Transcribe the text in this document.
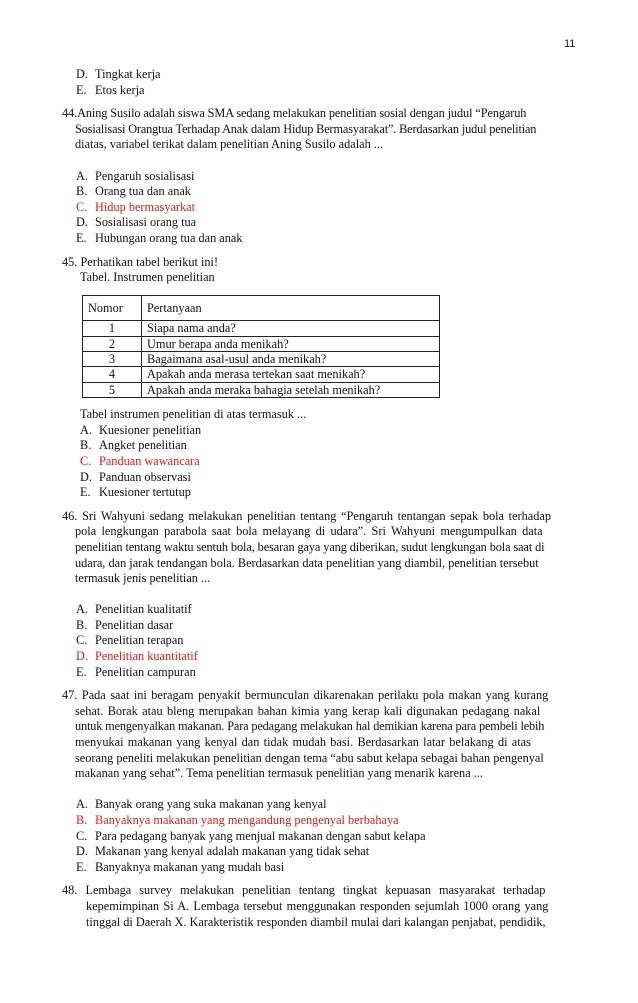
11
D. Tingkat kerja
E. Etos kerja
44.Aning Susilo adalah siswa SMA sedang melakukan penelitian sosial dengan judul “Pengaruh
Sosialisasi Orangtua Terhadap Anak dalam Hidup Bermasyarakat”. Berdasarkan judul penelitian
diatas, variabel terikat dalam penelitian Aning Susilo adalah ...
A. Pengaruh sosialisasi
B. Orang tua dan anak
C. Hidup bermasyarkat
D. Sosialisasi orang tua
E. Hubungan orang tua dan anak
45. Perhatikan tabel berikut ini!
Tabel. Instrumen penelitian
Nomor	Pertanyaan
1	Siapa nama anda?
2	Umur berapa anda menikah?
3	Bagaimana asal-usul anda menikah?
4	Apakah anda merasa tertekan saat menikah?
5	Apakah anda meraka bahagia setelah menikah?
Tabel instrumen penelitian di atas termasuk ...
A. Kuesioner penelitian
B. Angket penelitian
C. Panduan wawancara
D. Panduan observasi
E. Kuesioner tertutup
46. Sri Wahyuni sedang melakukan penelitian tentang “Pengaruh tentangan sepak bola terhadap
pola lengkungan parabola saat bola melayang di udara”. Sri Wahyuni mengumpulkan data
penelitian tentang waktu sentuh bola, besaran gaya yang diberikan, sudut lengkungan bola saat di
udara, dan jarak tendangan bola. Berdasarkan data penelitian yang diambil, penelitian tersebut
termasuk jenis penelitian ...
A. Penelitian kualitatif
B. Penelitian dasar
C. Penelitian terapan
D. Penelitian kuantitatif
E. Penelitian campuran
47. Pada saat ini beragam penyakit bermunculan dikarenakan perilaku pola makan yang kurang
sehat. Borak atau bleng merupakan bahan kimia yang kerap kali digunakan pedagang nakal
untuk mengenyalkan makanan. Para pedagang melakukan hal demikian karena para pembeli lebih
menyukai makanan yang kenyal dan tidak mudah basi. Berdasarkan latar belakang di atas
seorang peneliti melakukan penelitian dengan tema “abu sabut kelapa sebagai bahan pengenyal
makanan yang sehat”. Tema penelitian termasuk penelitian yang menarik karena ...
A. Banyak orang yang suka makanan yang kenyal
B. Banyaknya makanan yang mengandung pengenyal berbahaya
C. Para pedagang banyak yang menjual makanan dengan sabut kelapa
D. Makanan yang kenyal adalah makanan yang tidak sehat
E. Banyaknya makanan yang mudah basi
48. Lembaga survey melakukan penelitian tentang tingkat kepuasan masyarakat terhadap
kepemimpinan Si A. Lembaga tersebut menggunakan responden sejumlah 1000 orang yang
tinggal di Daerah X. Karakteristik responden diambil mulai dari kalangan penjabat, pendidik,
